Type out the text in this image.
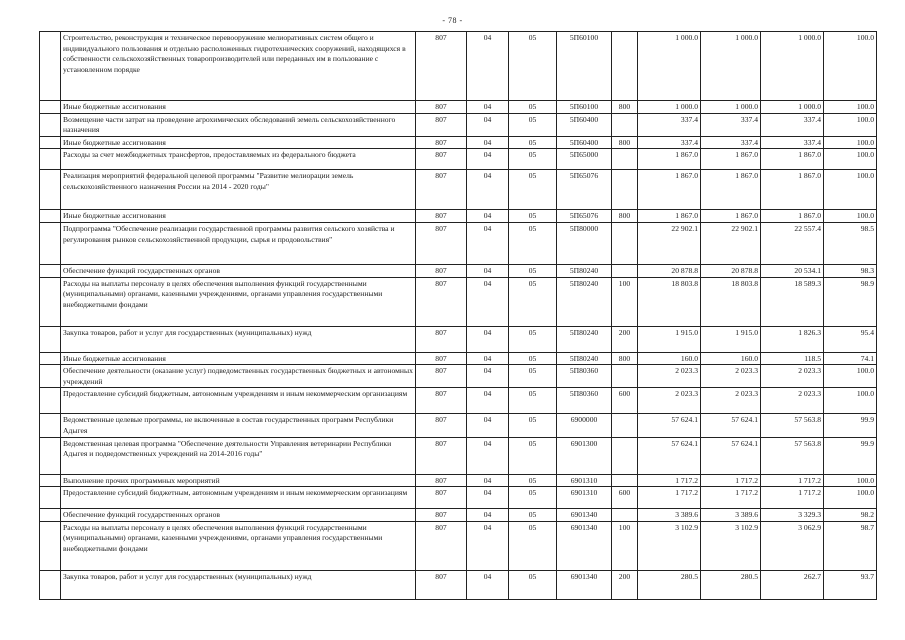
- 78 -
	Строительство, реконструкция и техническое перевооружение мелиоративных систем общего и индивидуального пользования и отдельно расположенных гидротехнических сооружений, находящихся в собственности сельскохозяйственных товаропроизводителей или переданных им в пользование с установленном порядке	807	04	05	5П60100		1 000.0	1 000.0	1 000.0	100.0
	Иные бюджетные ассигнования	807	04	05	5П60100	800	1 000.0	1 000.0	1 000.0	100.0
	Возмещение части затрат на проведение агрохимических обследований земель сельскохозяйственного назначения	807	04	05	5П60400		337.4	337.4	337.4	100.0
	Иные бюджетные ассигнования	807	04	05	5П60400	800	337.4	337.4	337.4	100.0
	Расходы за счет межбюджетных трансфертов, предоставляемых из федерального бюджета	807	04	05	5П65000		1 867.0	1 867.0	1 867.0	100.0
	Реализация мероприятий федеральной целевой программы "Развитие мелиорации земель сельскохозяйственного назначения России на 2014 - 2020 годы"	807	04	05	5П65076		1 867.0	1 867.0	1 867.0	100.0
	Иные бюджетные ассигнования	807	04	05	5П65076	800	1 867.0	1 867.0	1 867.0	100.0
	Подпрограмма "Обеспечение реализации государственной программы развития сельского хозяйства и регулирования рынков сельскохозяйственной продукции, сырья и продовольствия"	807	04	05	5П80000		22 902.1	22 902.1	22 557.4	98.5
	Обеспечение функций государственных органов	807	04	05	5П80240		20 878.8	20 878.8	20 534.1	98.3
	Расходы на выплаты персоналу в целях обеспечения выполнения функций государственными (муниципальными) органами, казенными учреждениями, органами управления государственными внебюджетными фондами	807	04	05	5П80240	100	18 803.8	18 803.8	18 589.3	98.9
	Закупка товаров, работ и услуг для государственных (муниципальных) нужд	807	04	05	5П80240	200	1 915.0	1 915.0	1 826.3	95.4
	Иные бюджетные ассигнования	807	04	05	5П80240	800	160.0	160.0	118.5	74.1
	Обеспечение деятельности (оказание услуг) подведомственных государственных бюджетных и автономных учреждений	807	04	05	5П80360		2 023.3	2 023.3	2 023.3	100.0
	Предоставление субсидий бюджетным, автономным учреждениям и иным некоммерческим организациям	807	04	05	5П80360	600	2 023.3	2 023.3	2 023.3	100.0
	Ведомственные целевые программы, не включенные в состав государственных программ Республики Адыгея	807	04	05	6900000		57 624.1	57 624.1	57 563.8	99.9
	Ведомственная целевая программа "Обеспечение деятельности Управления ветеринарии Республики Адыгея и подведомственных учреждений на 2014-2016 годы"	807	04	05	6901300		57 624.1	57 624.1	57 563.8	99.9
	Выполнение прочих программных мероприятий	807	04	05	6901310		1 717.2	1 717.2	1 717.2	100.0
	Предоставление субсидий бюджетным, автономным учреждениям и иным некоммерческим организациям	807	04	05	6901310	600	1 717.2	1 717.2	1 717.2	100.0
	Обеспечение функций государственных органов	807	04	05	6901340		3 389.6	3 389.6	3 329.3	98.2
	Расходы на выплаты персоналу в целях обеспечения выполнения функций государственными (муниципальными) органами, казенными учреждениями, органами управления государственными внебюджетными фондами	807	04	05	6901340	100	3 102.9	3 102.9	3 062.9	98.7
	Закупка товаров, работ и услуг для государственных (муниципальных) нужд	807	04	05	6901340	200	280.5	280.5	262.7	93.7
